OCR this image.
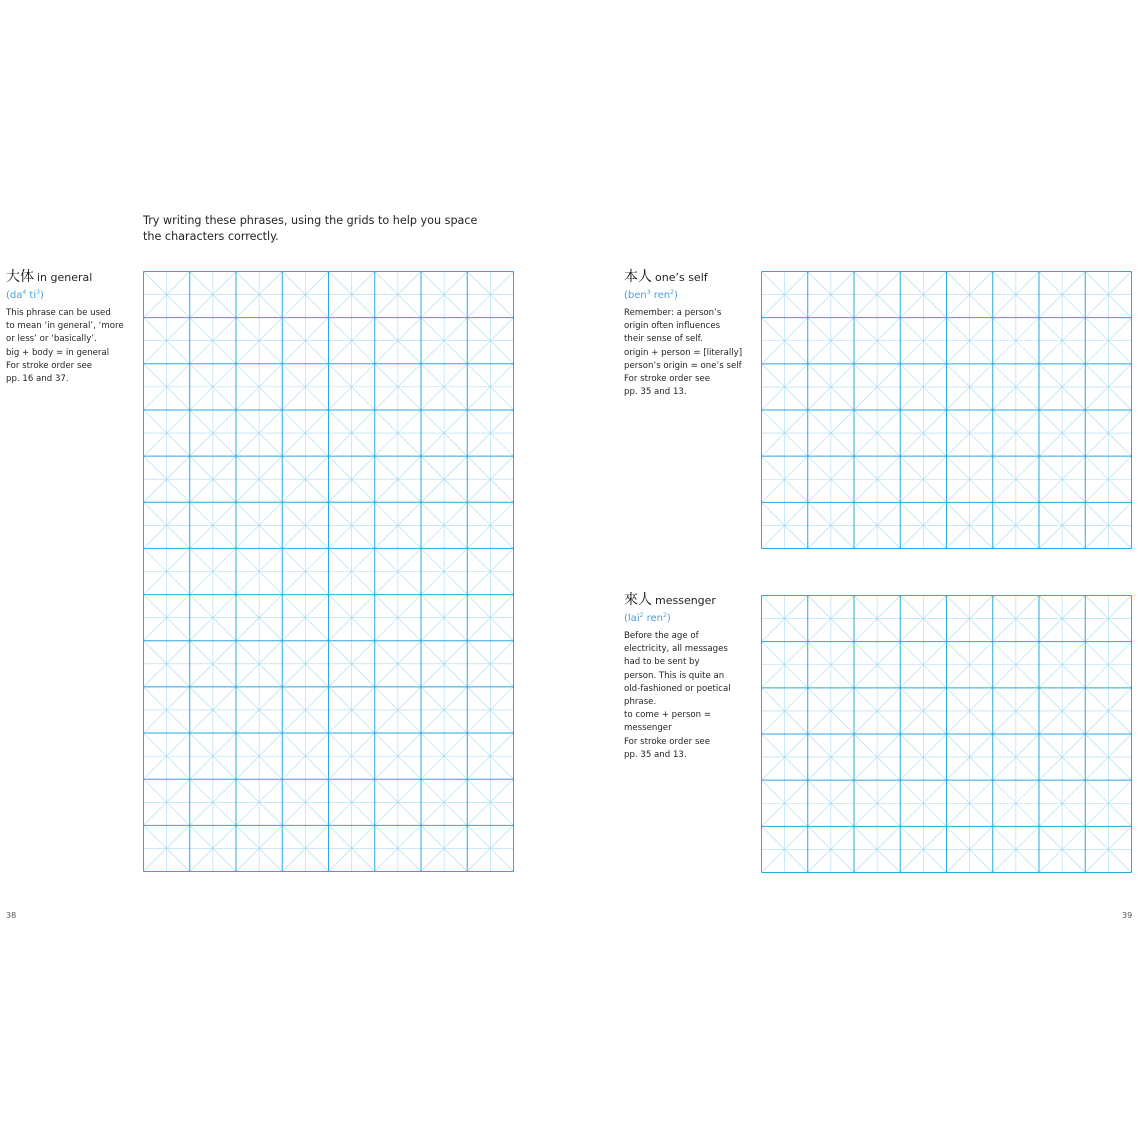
Try writing these phrases, using the grids to help you space
the characters correctly.
大体 in general
($da^4$ $ti^3$)
This phrase can be used
to mean ‘in general’, ‘more
or less’ or ‘basically’.
big + body = in general
For stroke order see
pp. 16 and 37.
本人 one’s self
(ben$^3$ ren$^2$)
Remember: a person’s
origin often influences
their sense of self.
origin + person = [literally]
person’s origin = one’s self
For stroke order see
pp. 35 and 13.
來人 messenger
(lai$^2$ ren$^2$)
Before the age of
electricity, all messages
had to be sent by
person. This is quite an
old-fashioned or poetical
phrase.
to come + person =
messenger
For stroke order see
pp. 35 and 13.
38	39
